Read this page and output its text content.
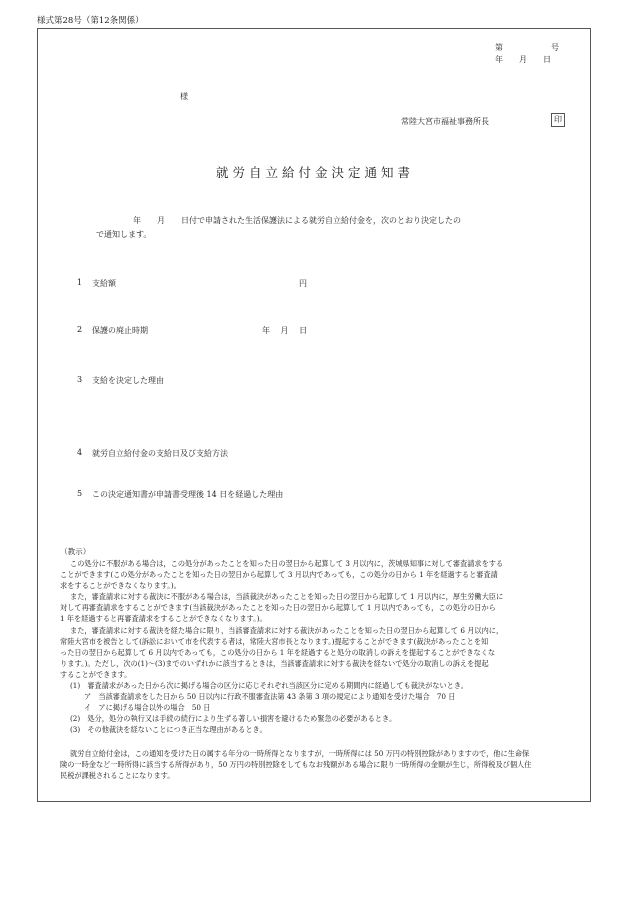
様式第28号（第12条関係）
第　　　　　　号
年　　月　　日
様
常陸大宮市福祉事務所長	印
就労自立給付金決定通知書
年　　月　　日付で申請された生活保護法による就労自立給付金を，次のとおり決定したの
で通知します。
1 支給額	円
2 保護の廃止時期	年　 月　 日
3 支給を決定した理由
4 就労自立給付金の支給日及び支給方法
5 この決定通知書が申請書受理後 14 日を経過した理由
（教示）

この処分に不服がある場合は，この処分があったことを知った日の翌日から起算して 3 月以内に，茨城県知事に対して審査請求をする

ことができます(この処分があったことを知った日の翌日から起算して 3 月以内であっても，この処分の日から 1 年を経過すると審査請

求をすることができなくなります。)。

また，審査請求に対する裁決に不服がある場合は，当該裁決があったことを知った日の翌日から起算して 1 月以内に，厚生労働大臣に

対して再審査請求をすることができます(当該裁決があったことを知った日の翌日から起算して 1 月以内であっても，この処分の日から

1 年を経過すると再審査請求をすることができなくなります。)。

また，審査請求に対する裁決を経た場合に限り，当該審査請求に対する裁決があったことを知った日の翌日から起算して 6 月以内に，

常陸大宮市を被告として(訴訟において市を代表する者は，常陸大宮市長となります。)提起することができます(裁決があったことを知

った日の翌日から起算して 6 月以内であっても，この処分の日から 1 年を経過すると処分の取消しの訴えを提起することができなくな

ります。)。ただし，次の(1)～(3)までのいずれかに該当するときは，当該審査請求に対する裁決を経ないで処分の取消しの訴えを提起

することができます。

(1)　審査請求があった日から次に掲げる場合の区分に応じそれぞれ当該区分に定める期間内に経過しても裁決がないとき。

ア　当該審査請求をした日から 50 日以内に行政不服審査法第 43 条第 3 項の規定により通知を受けた場合　70 日

イ　アに掲げる場合以外の場合　50 日

(2)　処分，処分の執行又は手続の続行により生ずる著しい損害を避けるため緊急の必要があるとき。

(3)　その他裁決を経ないことにつき正当な理由があるとき。

就労自立給付金は，この通知を受けた日の属する年分の一時所得となりますが，一時所得には 50 万円の特別控除がありますので，他に生命保

険の一時金など一時所得に該当する所得があり，50 万円の特別控除をしてもなお残額がある場合に限り一時所得の金額が生じ，所得税及び個人住

民税が課税されることになります。
